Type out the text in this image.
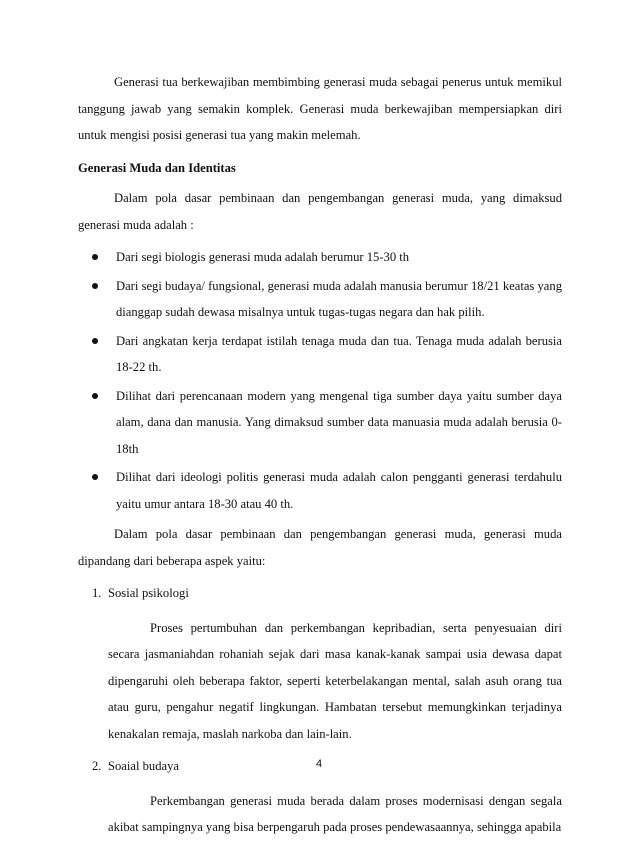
Generasi tua berkewajiban membimbing generasi muda sebagai penerus untuk memikul tanggung jawab yang semakin komplek. Generasi muda berkewajiban mempersiapkan diri untuk mengisi posisi generasi tua yang makin melemah.

Generasi Muda dan Identitas

Dalam pola dasar pembinaan dan pengembangan generasi muda, yang dimaksud generasi muda adalah :

Dari segi biologis generasi muda adalah berumur 15-30 th
Dari segi budaya/ fungsional, generasi muda adalah manusia berumur 18/21 keatas yang dianggap sudah dewasa misalnya untuk tugas-tugas negara dan hak pilih.
Dari angkatan kerja terdapat istilah tenaga muda dan tua. Tenaga muda adalah berusia 18-22 th.
Dilihat dari perencanaan modern yang mengenal tiga sumber daya yaitu sumber daya alam, dana dan manusia. Yang dimaksud sumber data manuasia muda adalah berusia 0-18th
Dilihat dari ideologi politis generasi muda adalah calon pengganti generasi terdahulu yaitu umur antara 18-30 atau 40 th.

Dalam pola dasar pembinaan dan pengembangan generasi muda, generasi muda dipandang dari beberapa aspek yaitu:

1. Sosial psikologi

Proses pertumbuhan dan perkembangan kepribadian, serta penyesuaian diri secara jasmaniahdan rohaniah sejak dari masa kanak-kanak sampai usia dewasa dapat dipengaruhi oleh beberapa faktor, seperti keterbelakangan mental, salah asuh orang tua atau guru, pengahur negatif lingkungan. Hambatan tersebut memungkinkan terjadinya kenakalan remaja, maslah narkoba dan lain-lain.

2. Soaial budaya

Perkembangan generasi muda berada dalam proses modernisasi dengan segala akibat sampingnya yang bisa berpengaruh pada proses pendewasaannya, sehingga apabila

4
